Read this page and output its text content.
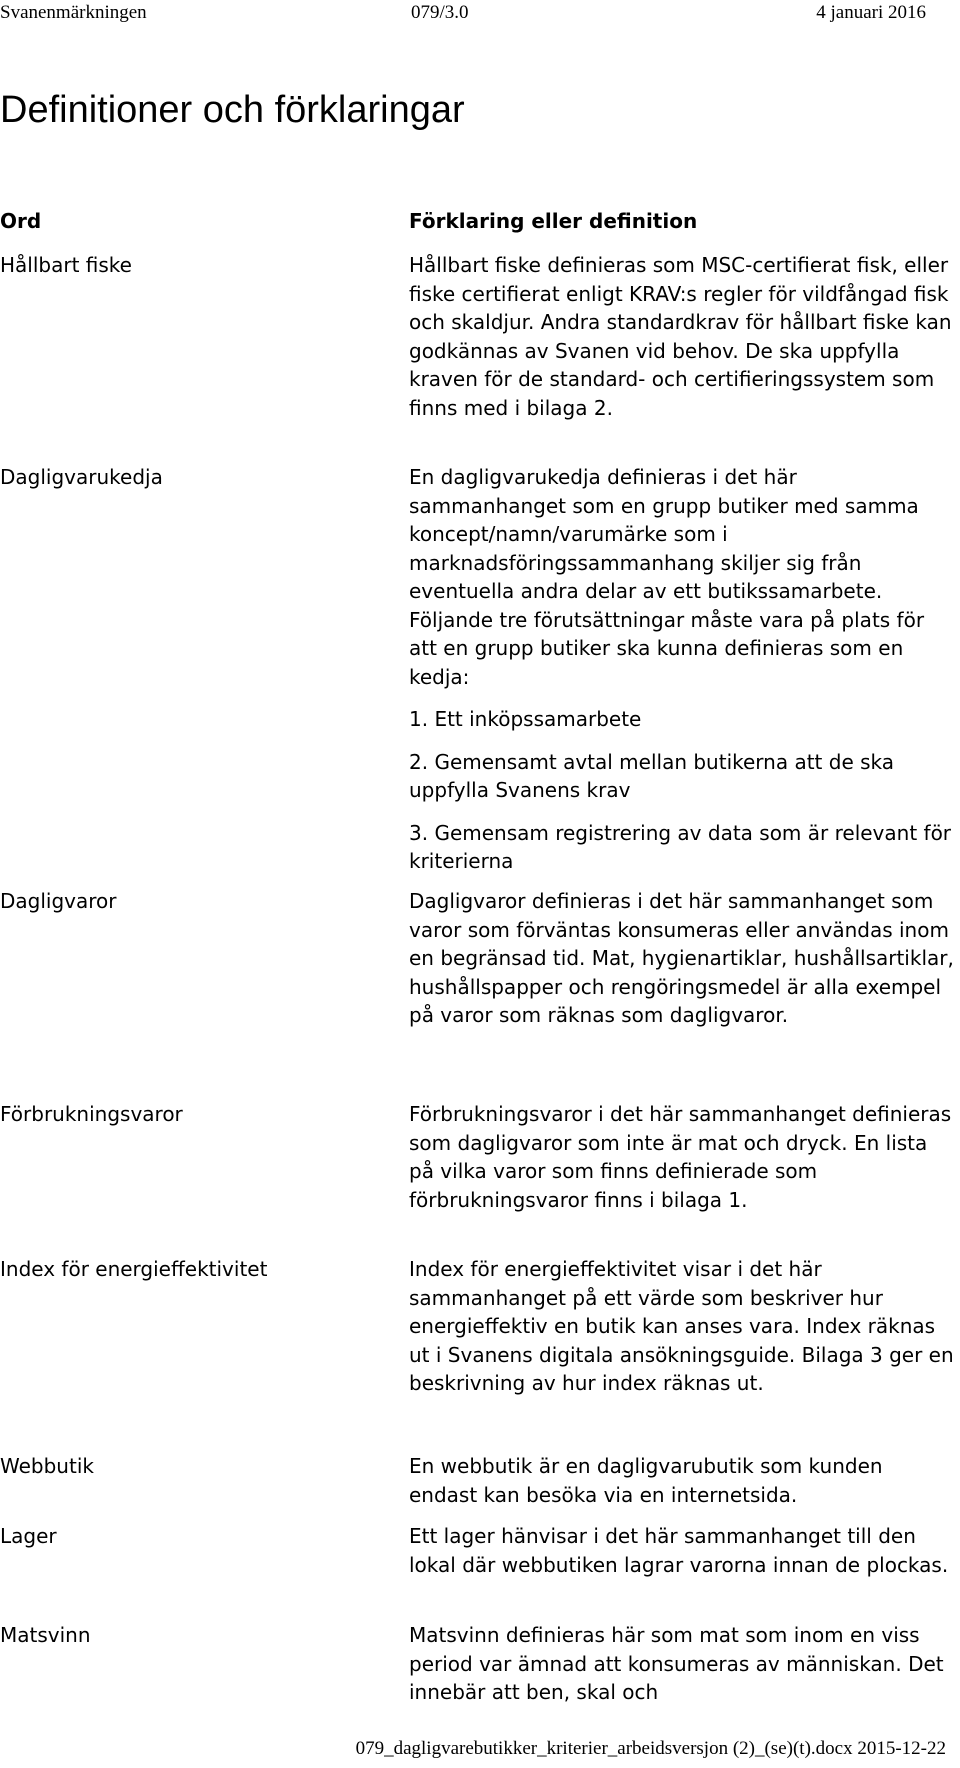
Svanenmärkningen	079/3.0	4 januari 2016
Definitioner och förklaringar
Ord	Förklaring eller definition
Hållbart fiske	Hållbart fiske definieras som MSC-certifierat fisk, eller fiske certifierat enligt KRAV:s regler för vildfångad fisk och skaldjur. Andra standardkrav för hållbart fiske kan godkännas av Svanen vid behov. De ska uppfylla kraven för de standard- och certifieringssystem som finns med i bilaga 2.

Dagligvarukedja	En dagligvarukedja definieras i det här sammanhanget som en grupp butiker med samma koncept/namn/varumärke som i marknadsföringssammanhang skiljer sig från eventuella andra delar av ett butikssamarbete. Följande tre förutsättningar måste vara på plats för att en grupp butiker ska kunna definieras som en kedja:

1. Ett inköpssamarbete

2. Gemensamt avtal mellan butikerna att de ska uppfylla Svanens krav

3. Gemensam registrering av data som är relevant för kriterierna

Dagligvaror	Dagligvaror definieras i det här sammanhanget som varor som förväntas konsumeras eller användas inom en begränsad tid. Mat, hygienartiklar, hushållsartiklar, hushållspapper och rengöringsmedel är alla exempel på varor som räknas som dagligvaror.

Förbrukningsvaror	Förbrukningsvaror i det här sammanhanget definieras som dagligvaror som inte är mat och dryck. En lista på vilka varor som finns definierade som förbrukningsvaror finns i bilaga 1.

Index för energieffektivitet	Index för energieffektivitet visar i det här sammanhanget på ett värde som beskriver hur energieffektiv en butik kan anses vara. Index räknas ut i Svanens digitala ansökningsguide. Bilaga 3 ger en beskrivning av hur index räknas ut.

Webbutik	En webbutik är en dagligvarubutik som kunden endast kan besöka via en internetsida.

Lager	Ett lager hänvisar i det här sammanhanget till den lokal där webbutiken lagrar varorna innan de plockas.

Matsvinn	Matsvinn definieras här som mat som inom en viss period var ämnad att konsumeras av människan. Det innebär att ben, skal och

079_dagligvarebutikker_kriterier_arbeidsversjon (2)_(se)(t).docx 2015-12-22
